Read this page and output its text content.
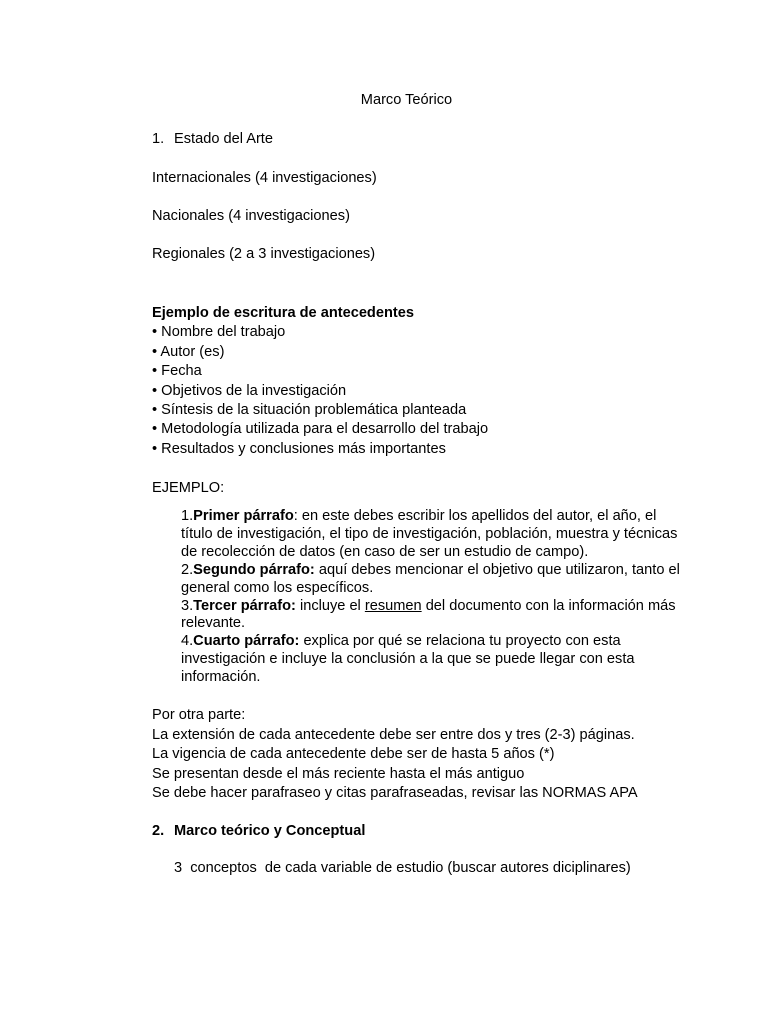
Marco Teórico
1. Estado del Arte
Internacionales (4 investigaciones)
Nacionales (4 investigaciones)
Regionales (2 a 3 investigaciones)
Ejemplo de escritura de antecedentes
• Nombre del trabajo
• Autor (es)
• Fecha
• Objetivos de la investigación
• Síntesis de la situación problemática planteada
• Metodología utilizada para el desarrollo del trabajo
• Resultados y conclusiones más importantes
EJEMPLO:

1.Primer párrafo: en este debes escribir los apellidos del autor, el año, el título de investigación, el tipo de investigación, población, muestra y técnicas de recolección de datos (en caso de ser un estudio de campo).

2.Segundo párrafo: aquí debes mencionar el objetivo que utilizaron, tanto el general como los específicos.

3.Tercer párrafo: incluye el resumen del documento con la información más relevante.

4.Cuarto párrafo: explica por qué se relaciona tu proyecto con esta investigación e incluye la conclusión a la que se puede llegar con esta información.

Por otra parte:
La extensión de cada antecedente debe ser entre dos y tres (2-3) páginas.
La vigencia de cada antecedente debe ser de hasta 5 años (*)
Se presentan desde el más reciente hasta el más antiguo
Se debe hacer parafraseo y citas parafraseadas, revisar las NORMAS APA
2. Marco teórico y Conceptual
3  conceptos  de cada variable de estudio (buscar autores diciplinares)
